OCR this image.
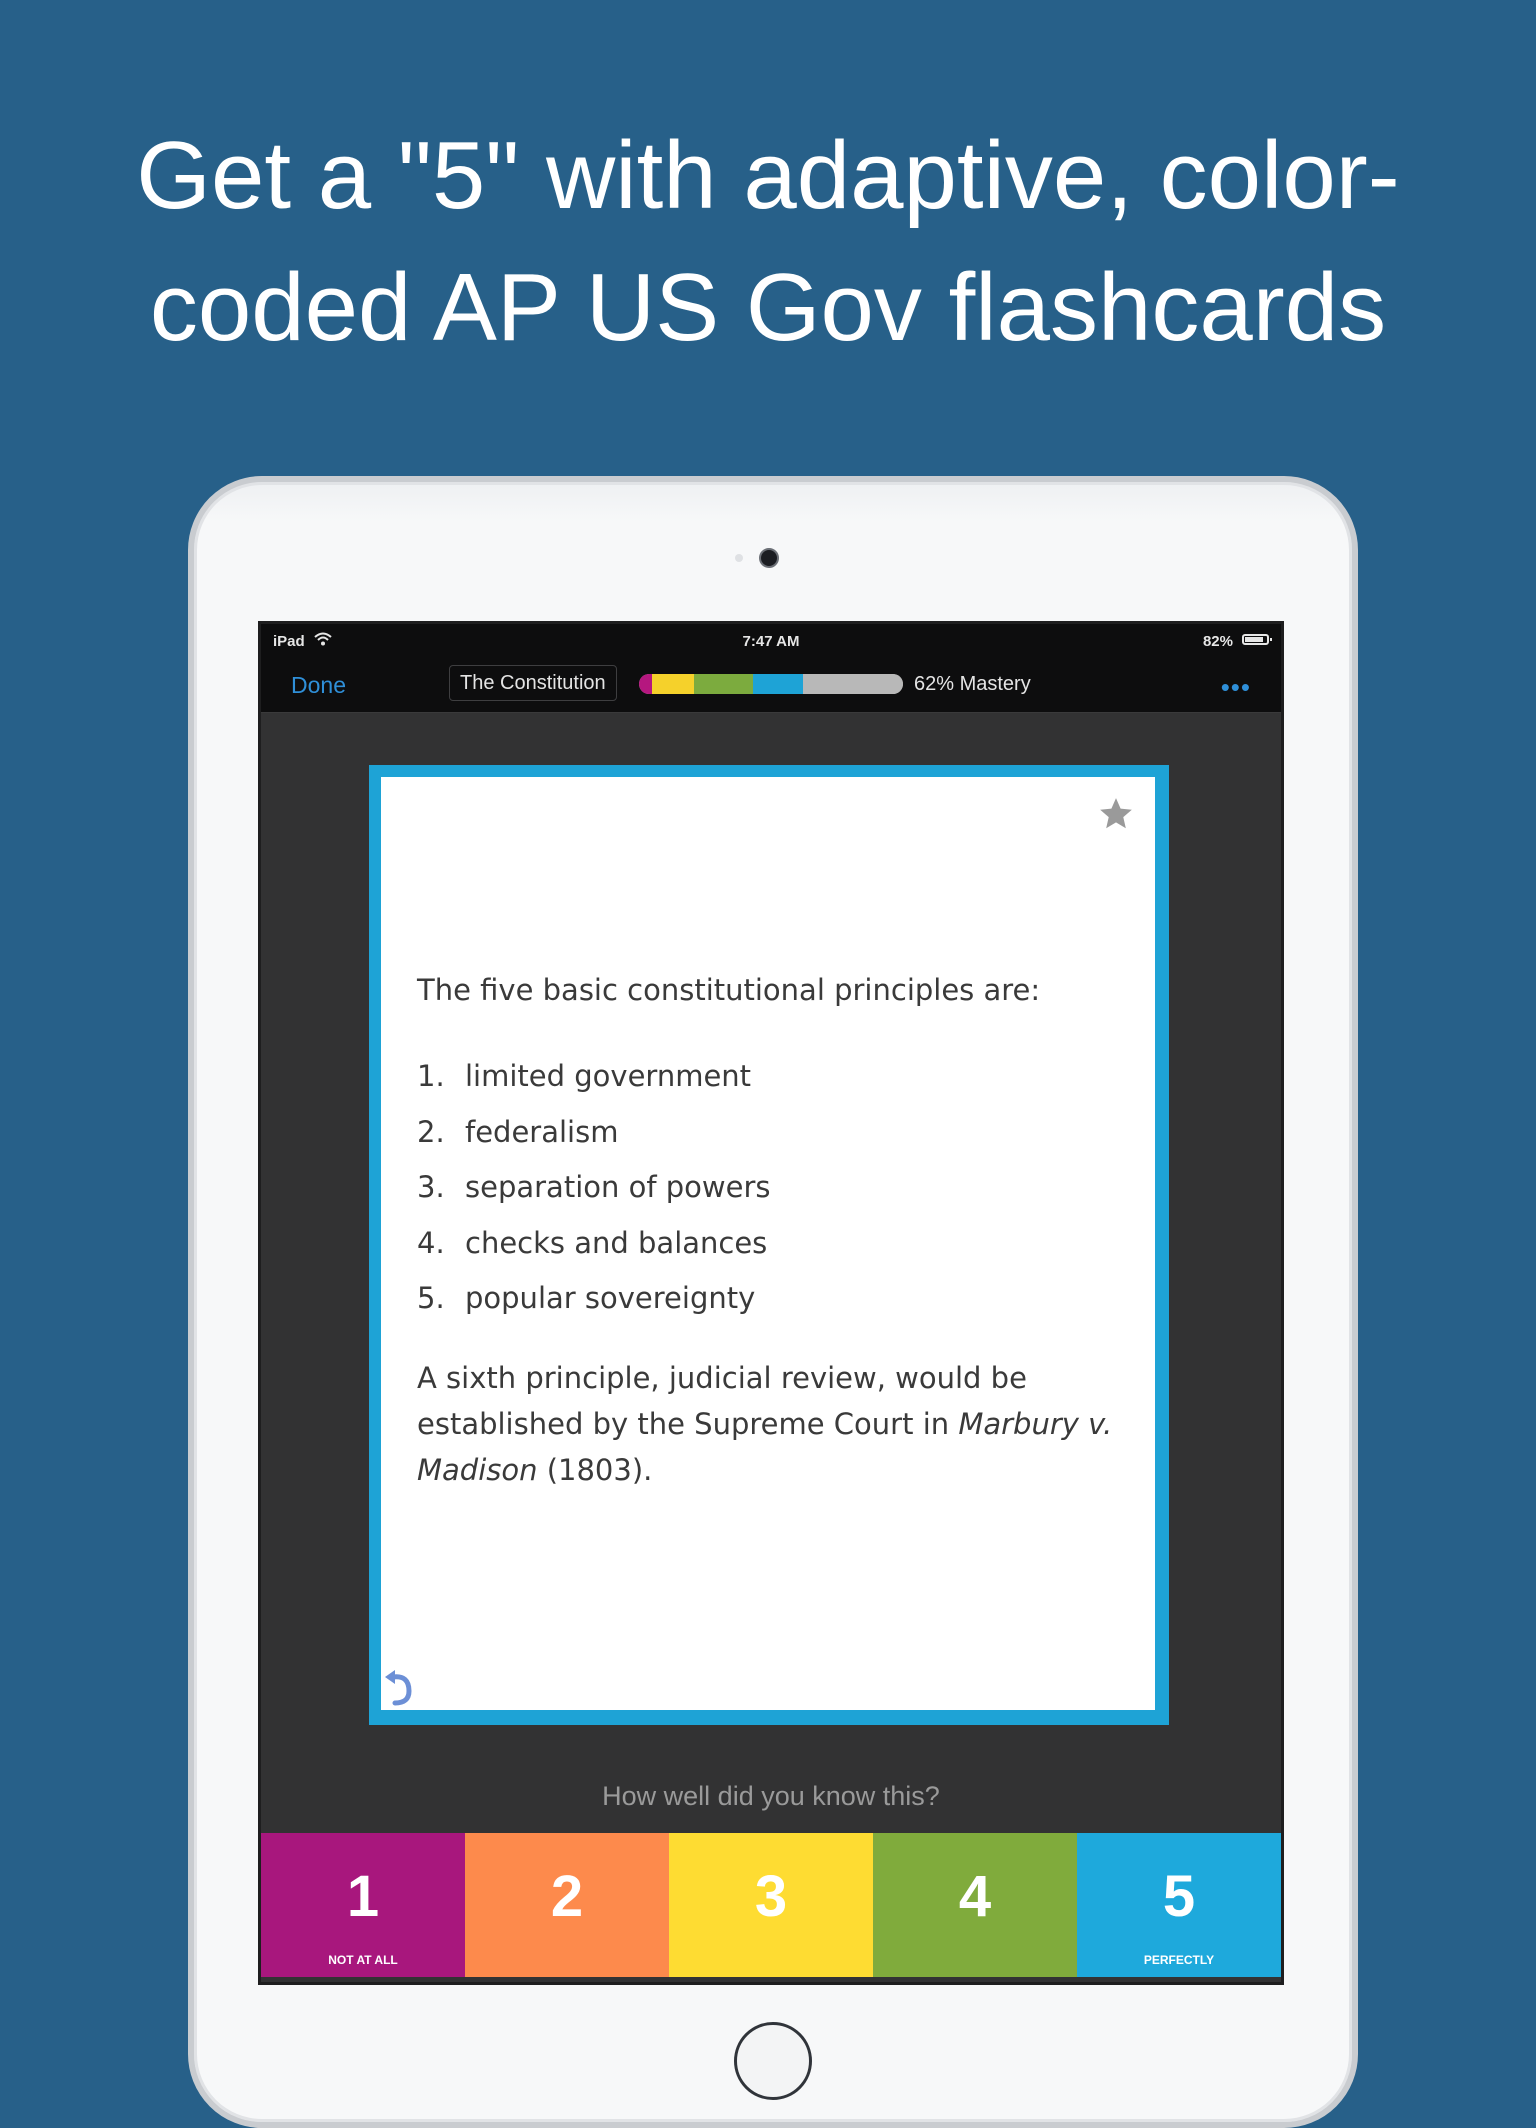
Get a "5" with adaptive, color-
coded AP US Gov flashcards
iPad	7:47 AM	82%
Done	The Constitution	62% Mastery	•••
The five basic constitutional principles are:
1. limited government
2. federalism
3. separation of powers
4. checks and balances
5. popular sovereignty
A sixth principle, judicial review, would be established by the Supreme Court in Marbury v. Madison (1803).
How well did you know this?
1
NOT AT ALL
2	3	4	5
PERFECTLY
